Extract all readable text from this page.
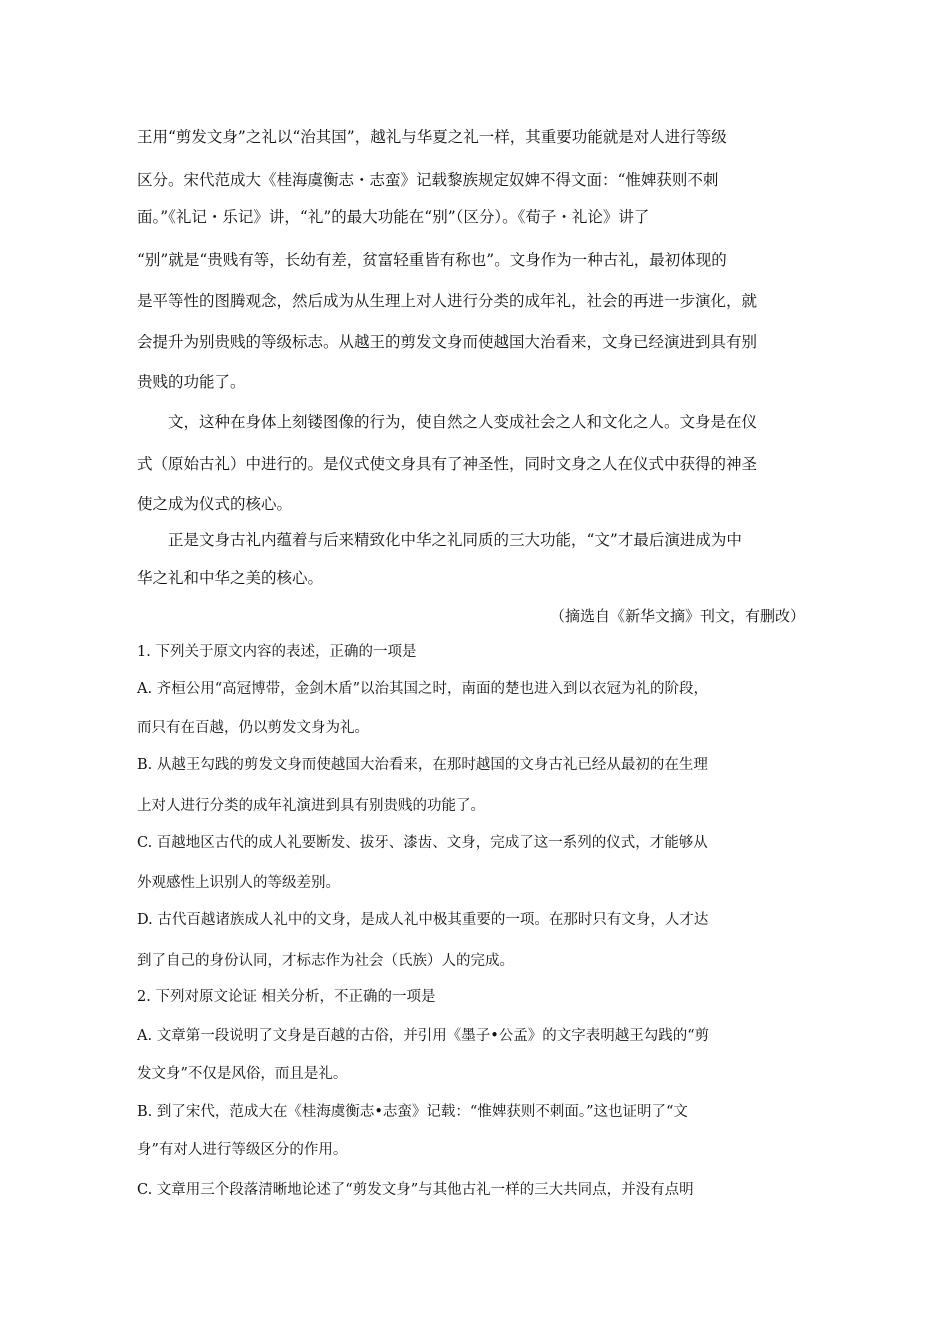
王用“剪发文身”之礼以“治其国”，越礼与华夏之礼一样，其重要功能就是对人进行等级
区分。宋代范成大《桂海虞衡志・志蛮》记载黎族规定奴婢不得文面：“惟婢获则不刺
面。”《礼记・乐记》讲，“礼”的最大功能在“别”（区分）。《荀子・礼论》讲了
“别”就是“贵贱有等，长幼有差，贫富轻重皆有称也”。文身作为一种古礼，最初体现的
是平等性的图腾观念，然后成为从生理上对人进行分类的成年礼，社会的再进一步演化，就
会提升为别贵贱的等级标志。从越王的剪发文身而使越国大治看来，文身已经演进到具有别
贵贱的功能了。
文，这种在身体上刻镂图像的行为，使自然之人变成社会之人和文化之人。文身是在仪
式（原始古礼）中进行的。是仪式使文身具有了神圣性，同时文身之人在仪式中获得的神圣
使之成为仪式的核心。
正是文身古礼内蕴着与后来精致化中华之礼同质的三大功能，“文”才最后演进成为中
华之礼和中华之美的核心。
（摘选自《新华文摘》刊文，有删改）
1. 下列关于原文内容的表述，正确的一项是
A. 齐桓公用“高冠博带，金剑木盾”以治其国之时，南面的楚也进入到以衣冠为礼的阶段，
而只有在百越，仍以剪发文身为礼。
B. 从越王勾践的剪发文身而使越国大治看来，在那时越国的文身古礼已经从最初的在生理
上对人进行分类的成年礼演进到具有别贵贱的功能了。
C. 百越地区古代的成人礼要断发、拔牙、漆齿、文身，完成了这一系列的仪式，才能够从
外观感性上识别人的等级差别。
D. 古代百越诸族成人礼中的文身，是成人礼中极其重要的一项。在那时只有文身，人才达
到了自己的身份认同，才标志作为社会（氏族）人的完成。
2. 下列对原文论证 相关分析，不正确的一项是
A. 文章第一段说明了文身是百越的古俗，并引用《墨子•公孟》的文字表明越王勾践的“剪
发文身”不仅是风俗，而且是礼。
B. 到了宋代，范成大在《桂海虞衡志•志蛮》记载：“惟婢获则不刺面。”这也证明了“文
身”有对人进行等级区分的作用。
C. 文章用三个段落清晰地论述了“剪发文身”与其他古礼一样的三大共同点，并没有点明
